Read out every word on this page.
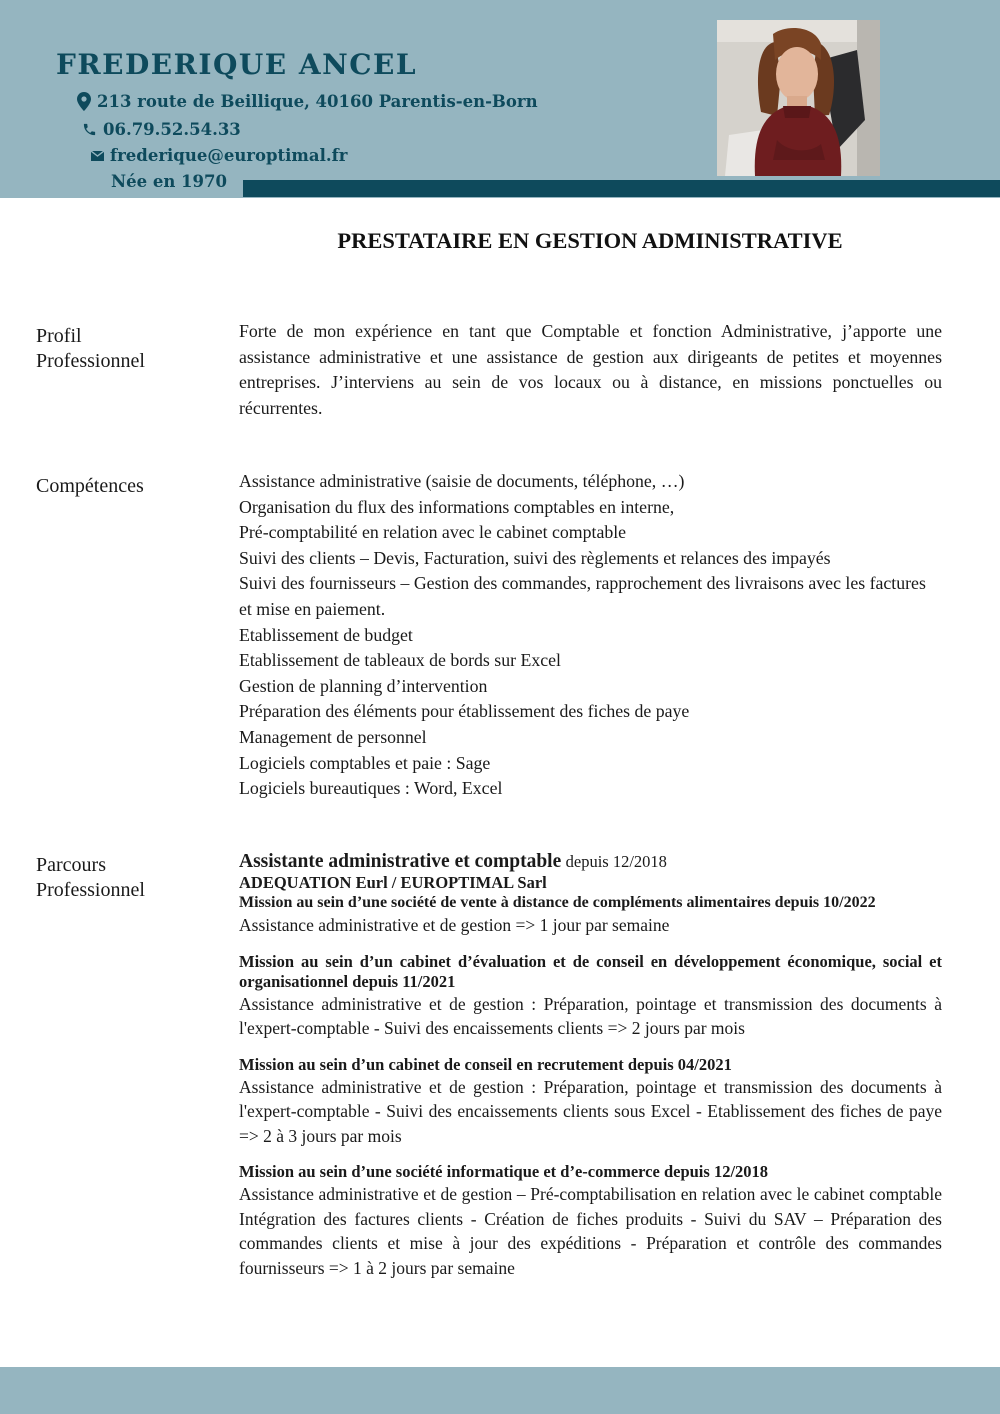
FREDERIQUE ANCEL
213 route de Beillique, 40160 Parentis-en-Born
06.79.52.54.33
frederique@europtimal.fr
Née en 1970
PRESTATAIRE EN GESTION ADMINISTRATIVE
Profil
Professionnel
Forte de mon expérience en tant que Comptable et fonction Administrative, j’apporte une assistance administrative et une assistance de gestion aux dirigeants de petites et moyennes entreprises. J’interviens au sein de vos locaux ou à distance, en missions ponctuelles ou récurrentes.
Compétences	Assistance administrative (saisie de documents, téléphone, …)
Organisation du flux des informations comptables en interne,
Pré-comptabilité en relation avec le cabinet comptable
Suivi des clients – Devis, Facturation, suivi des règlements et relances des impayés
Suivi des fournisseurs – Gestion des commandes, rapprochement des livraisons avec les factures et mise en paiement.
Etablissement de budget
Etablissement de tableaux de bords sur Excel
Gestion de planning d’intervention
Préparation des éléments pour établissement des fiches de paye
Management de personnel
Logiciels comptables et paie : Sage
Logiciels bureautiques : Word, Excel
Parcours
Professionnel
Assistante administrative et comptable depuis 12/2018
ADEQUATION Eurl / EUROPTIMAL Sarl
Mission au sein d’une société de vente à distance de compléments alimentaires depuis 10/2022
Assistance administrative et de gestion => 1 jour par semaine
Mission au sein d’un cabinet d’évaluation et de conseil en développement économique, social et organisationnel depuis 11/2021
Assistance administrative et de gestion : Préparation, pointage et transmission des documents à l'expert-comptable - Suivi des encaissements clients => 2 jours par mois
Mission au sein d’un cabinet de conseil en recrutement depuis 04/2021
Assistance administrative et de gestion : Préparation, pointage et transmission des documents à l'expert-comptable - Suivi des encaissements clients sous Excel - Etablissement des fiches de paye => 2 à 3 jours par mois
Mission au sein d’une société informatique et d’e-commerce depuis 12/2018
Assistance administrative et de gestion – Pré-comptabilisation en relation avec le cabinet comptable Intégration des factures clients - Création de fiches produits - Suivi du SAV – Préparation des commandes clients et mise à jour des expéditions - Préparation et contrôle des commandes fournisseurs => 1 à 2 jours par semaine
